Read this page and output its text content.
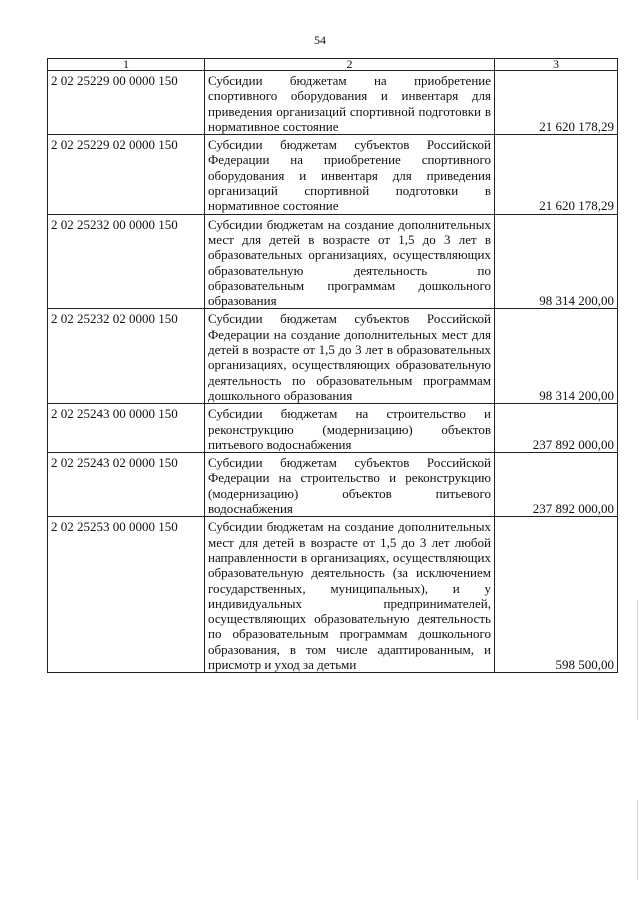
54
1	2	3
2 02 25229 00 0000 150	Субсидии бюджетам на приобретение спортивного оборудования и инвентаря для приведения организаций спортивной подготовки в нормативное состояние	21 620 178,29
2 02 25229 02 0000 150	Субсидии бюджетам субъектов Российской Федерации на приобретение спортивного оборудования и инвентаря для приведения организаций спортивной подготовки в нормативное состояние	21 620 178,29
2 02 25232 00 0000 150	Субсидии бюджетам на создание дополнительных мест для детей в возрасте от 1,5 до 3 лет в образовательных организациях, осуществляющих образовательную деятельность по образовательным программам дошкольного образования	98 314 200,00
2 02 25232 02 0000 150	Субсидии бюджетам субъектов Российской Федерации на создание дополнительных мест для детей в возрасте от 1,5 до 3 лет в образовательных организациях, осуществляющих образовательную деятельность по образовательным программам дошкольного образования	98 314 200,00
2 02 25243 00 0000 150	Субсидии бюджетам на строительство и реконструкцию (модернизацию) объектов питьевого водоснабжения	237 892 000,00
2 02 25243 02 0000 150	Субсидии бюджетам субъектов Российской Федерации на строительство и реконструкцию (модернизацию) объектов питьевого водоснабжения	237 892 000,00
2 02 25253 00 0000 150	Субсидии бюджетам на создание дополнительных мест для детей в возрасте от 1,5 до 3 лет любой направленности в организациях, осуществляющих образовательную деятельность (за исключением государственных, муниципальных), и у индивидуальных предпринимателей, осуществляющих образовательную деятельность по образовательным программам дошкольного образования, в том числе адаптированным, и присмотр и уход за детьми	598 500,00
